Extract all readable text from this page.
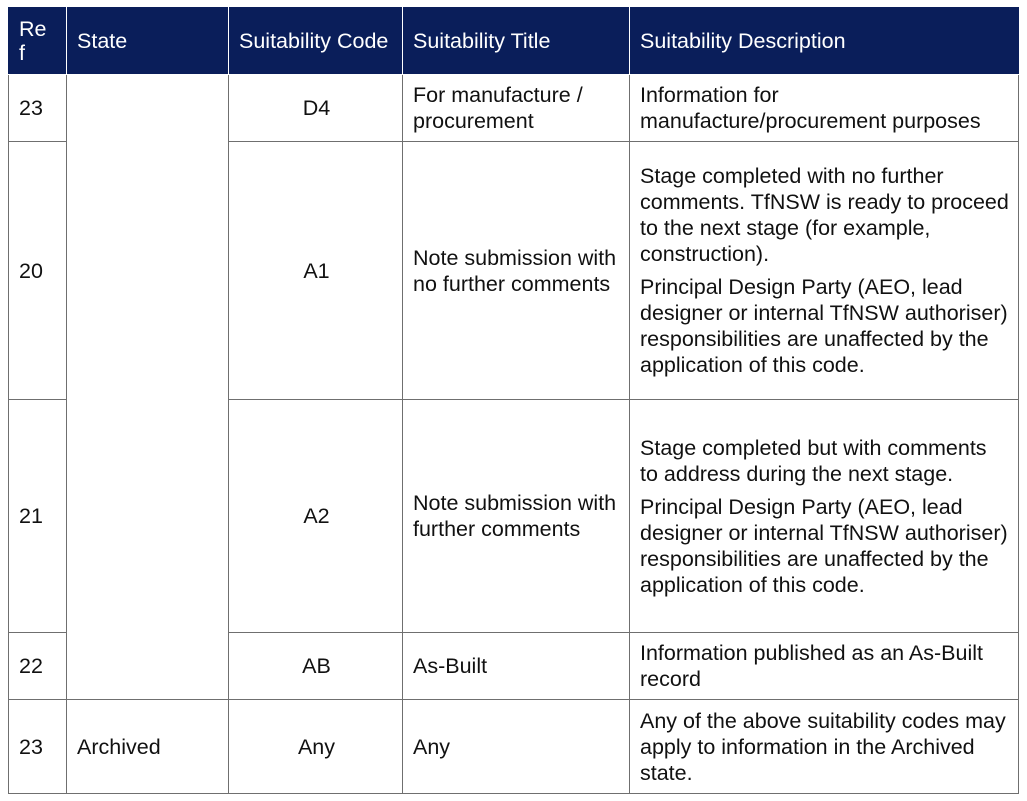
Re f	State	Suitability Code	Suitability Title	Suitability Description
23		D4	For manufacture / procurement	Information for manufacture/procurement purposes

20		A1	Note submission with no further comments	Stage completed with no further comments. TfNSW is ready to proceed to the next stage (for example, construction).

Principal Design Party (AEO, lead designer or internal TfNSW authoriser) responsibilities are unaffected by the application of this code.

21		A2	Note submission with further comments	Stage completed but with comments to address during the next stage.

Principal Design Party (AEO, lead designer or internal TfNSW authoriser) responsibilities are unaffected by the application of this code.

22		AB	As-Built	Information published as an As-Built record

23	Archived	Any	Any	Any of the above suitability codes may apply to information in the Archived state.
